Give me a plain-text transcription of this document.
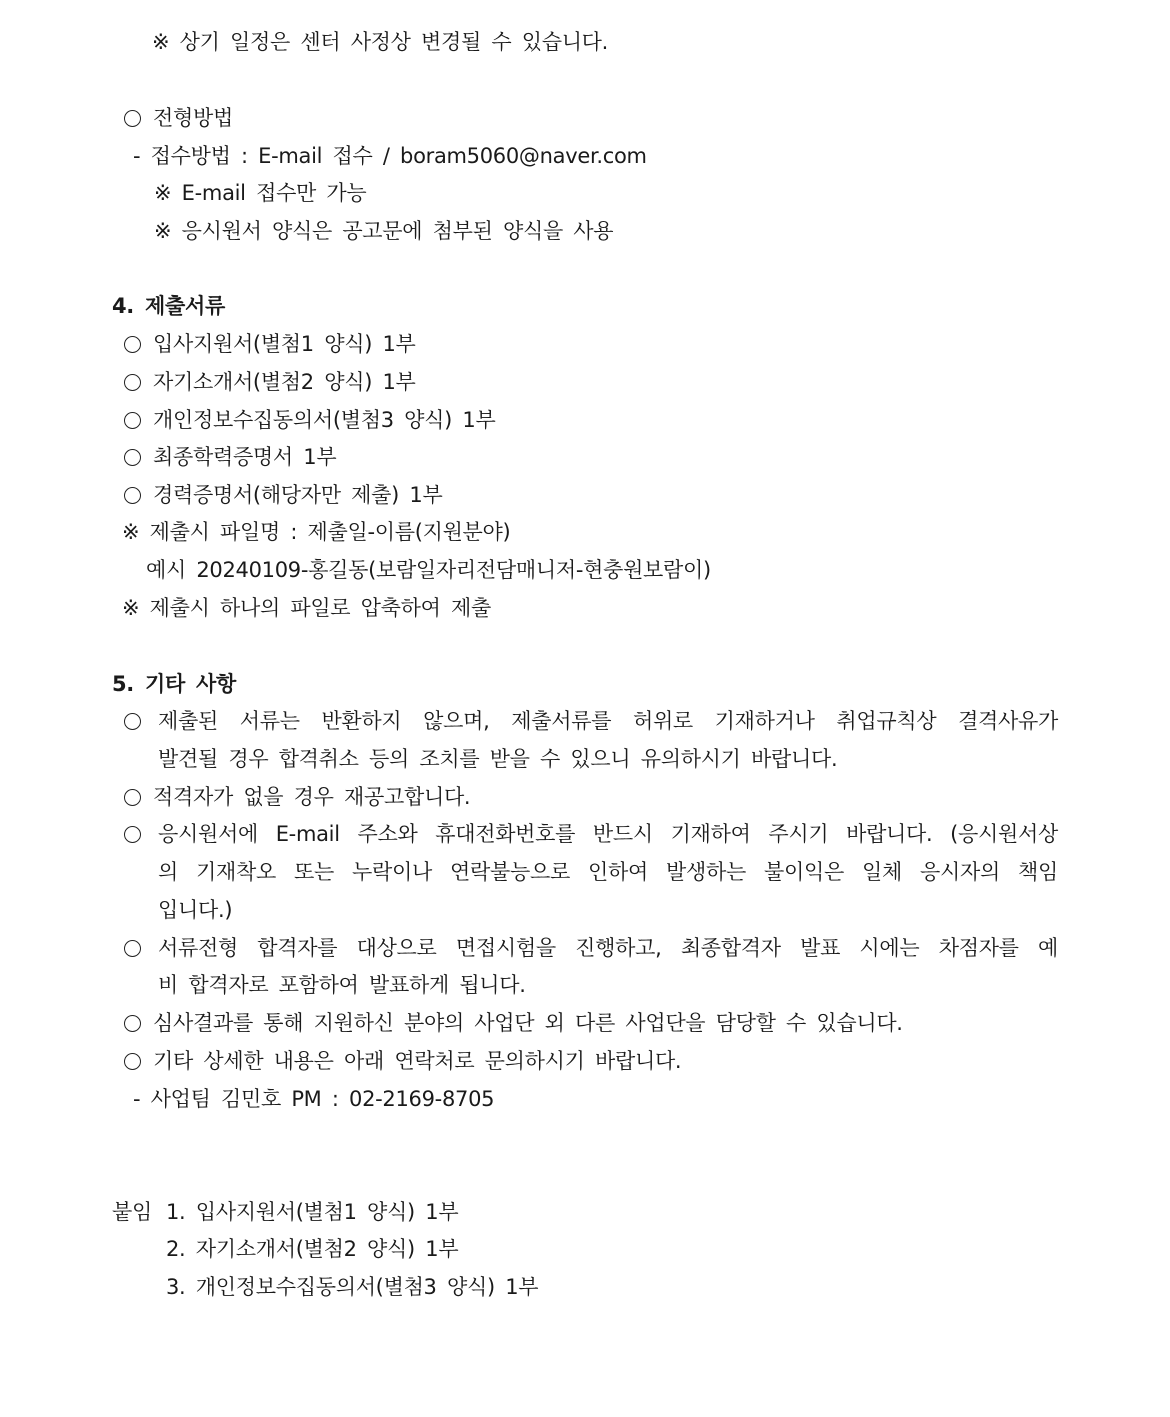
※ 상기 일정은 센터 사정상 변경될 수 있습니다.
전형방법
- 접수방법 : E-mail 접수 / boram5060@naver.com
※ E-mail 접수만 가능
※ 응시원서 양식은 공고문에 첨부된 양식을 사용
4. 제출서류
입사지원서(별첨1 양식) 1부
자기소개서(별첨2 양식) 1부
개인정보수집동의서(별첨3 양식) 1부
최종학력증명서 1부
경력증명서(해당자만 제출) 1부
※ 제출시 파일명 : 제출일-이름(지원분야)
예시 20240109-홍길동(보람일자리전담매니저-현충원보람이)
※ 제출시 하나의 파일로 압축하여 제출
5. 기타 사항
제출된 서류는 반환하지 않으며, 제출서류를 허위로 기재하거나 취업규칙상 결격사유가
발견될 경우 합격취소 등의 조치를 받을 수 있으니 유의하시기 바랍니다.
적격자가 없을 경우 재공고합니다.
응시원서에 E-mail 주소와 휴대전화번호를 반드시 기재하여 주시기 바랍니다. (응시원서상
의 기재착오 또는 누락이나 연락불능으로 인하여 발생하는 불이익은 일체 응시자의 책임
입니다.)
서류전형 합격자를 대상으로 면접시험을 진행하고, 최종합격자 발표 시에는 차점자를 예
비 합격자로 포함하여 발표하게 됩니다.
심사결과를 통해 지원하신 분야의 사업단 외 다른 사업단을 담당할 수 있습니다.
기타 상세한 내용은 아래 연락처로 문의하시기 바랍니다.
- 사업팀 김민호 PM : 02-2169-8705
붙임 1. 입사지원서(별첨1 양식) 1부
2. 자기소개서(별첨2 양식) 1부
3. 개인정보수집동의서(별첨3 양식) 1부
